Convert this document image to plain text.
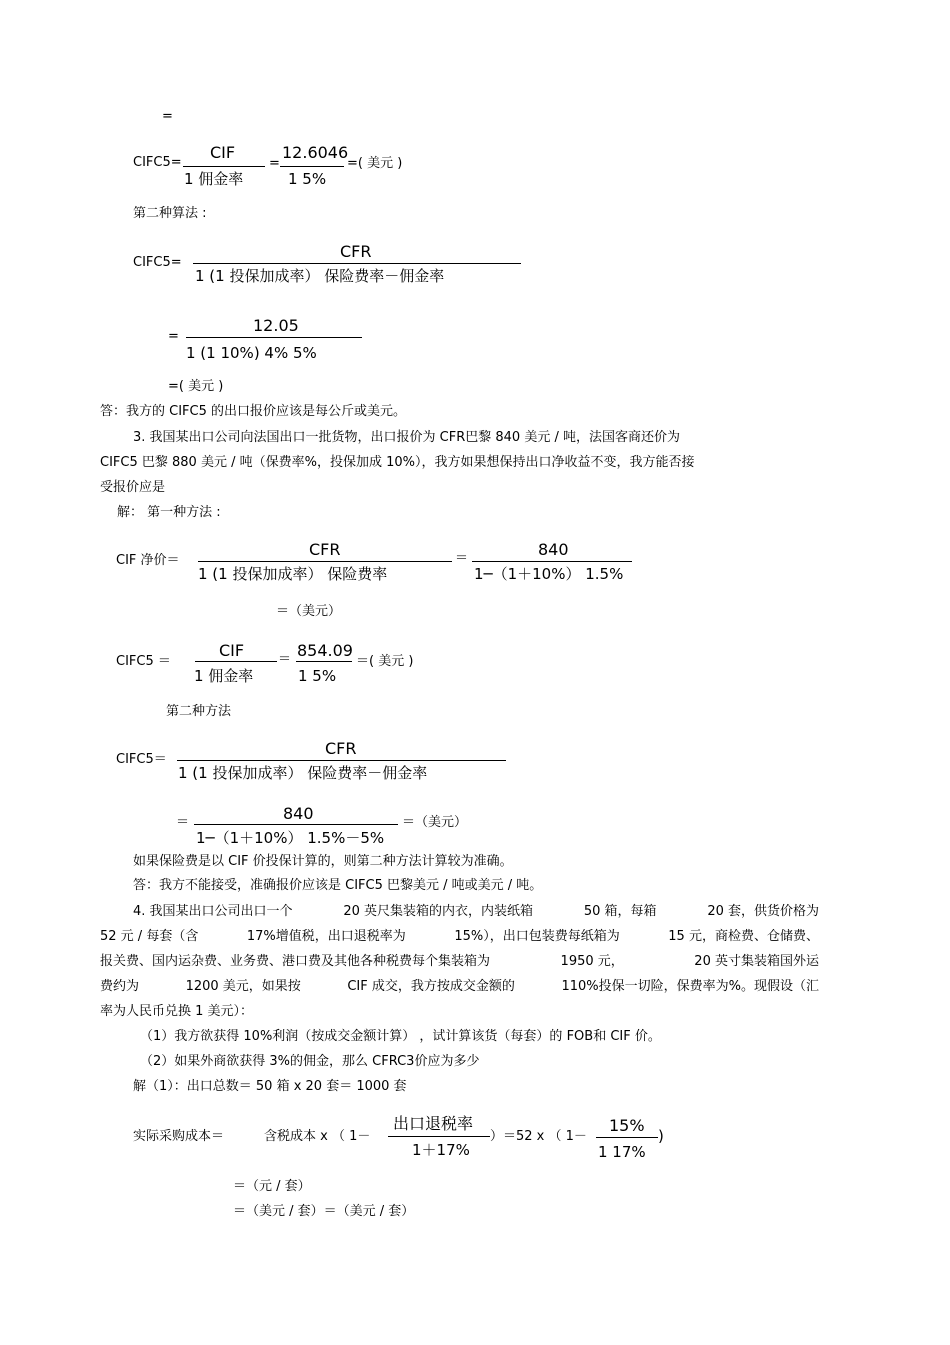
=
CIFC5=
CIF
1 佣金率
=
12.6046
1 5%
=( 美元 )
第二种算法 :
CIFC5=
CFR
1 (1 投保加成率） 保险费率－佣金率
=
12.05
1 (1 10%) 4% 5%
=( 美元 )
答：我方的 CIFC5 的出口报价应该是每公斤或美元。
3. 我国某出口公司向法国出口一批货物，出口报价为 CFR巴黎 840 美元 / 吨，法国客商还价为
CIFC5 巴黎 880 美元 / 吨（保费率%，投保加成 10%），我方如果想保持出口净收益不变，我方能否接
受报价应是
解： 第一种方法 :
CIF 净价＝
CFR
1 (1 投保加成率） 保险费率
＝	840
1─（1＋10%） 1.5%
＝（美元）
CIFC5 ＝
CIF
1 佣金率
＝ 854.09
1 5%
＝( 美元 )
第二种方法
CIFC5＝
CFR
1 (1 投保加成率） 保险费率－佣金率
＝	840
1─（1＋10%） 1.5%－5%
＝（美元）
如果保险费是以 CIF 价投保计算的，则第二种方法计算较为准确。
答：我方不能接受，准确报价应该是 CIFC5 巴黎美元 / 吨或美元 / 吨。
4. 我国某出口公司出口一个	20 英尺集装箱的内衣，内装纸箱	50 箱，每箱	20 套，供货价格为
52 元 / 每套（含	17%增值税，出口退税率为	15%），出口包装费每纸箱为	15 元，商检费、仓储费、
报关费、国内运杂费、业务费、港口费及其他各种税费每个集装箱为	1950 元，	20 英寸集装箱国外运
费约为	1200 美元，如果按	CIF 成交，我方按成交金额的	110%投保一切险，保费率为%。现假设（汇
率为人民币兑换 1 美元）：
（1）我方欲获得 10%利润（按成交金额计算） ，试计算该货（每套）的 FOB和 CIF 价。
（2）如果外商欲获得 3%的佣金，那么 CFRC3价应为多少
解（1）：出口总数＝ 50 箱 x 20 套＝ 1000 套
实际采购成本＝	含税成本 x （ 1－
出口退税率
1＋17%
）＝52 x （ 1－
15%
1 17%
)
＝（元 / 套）
＝（美元 / 套）＝（美元 / 套）
